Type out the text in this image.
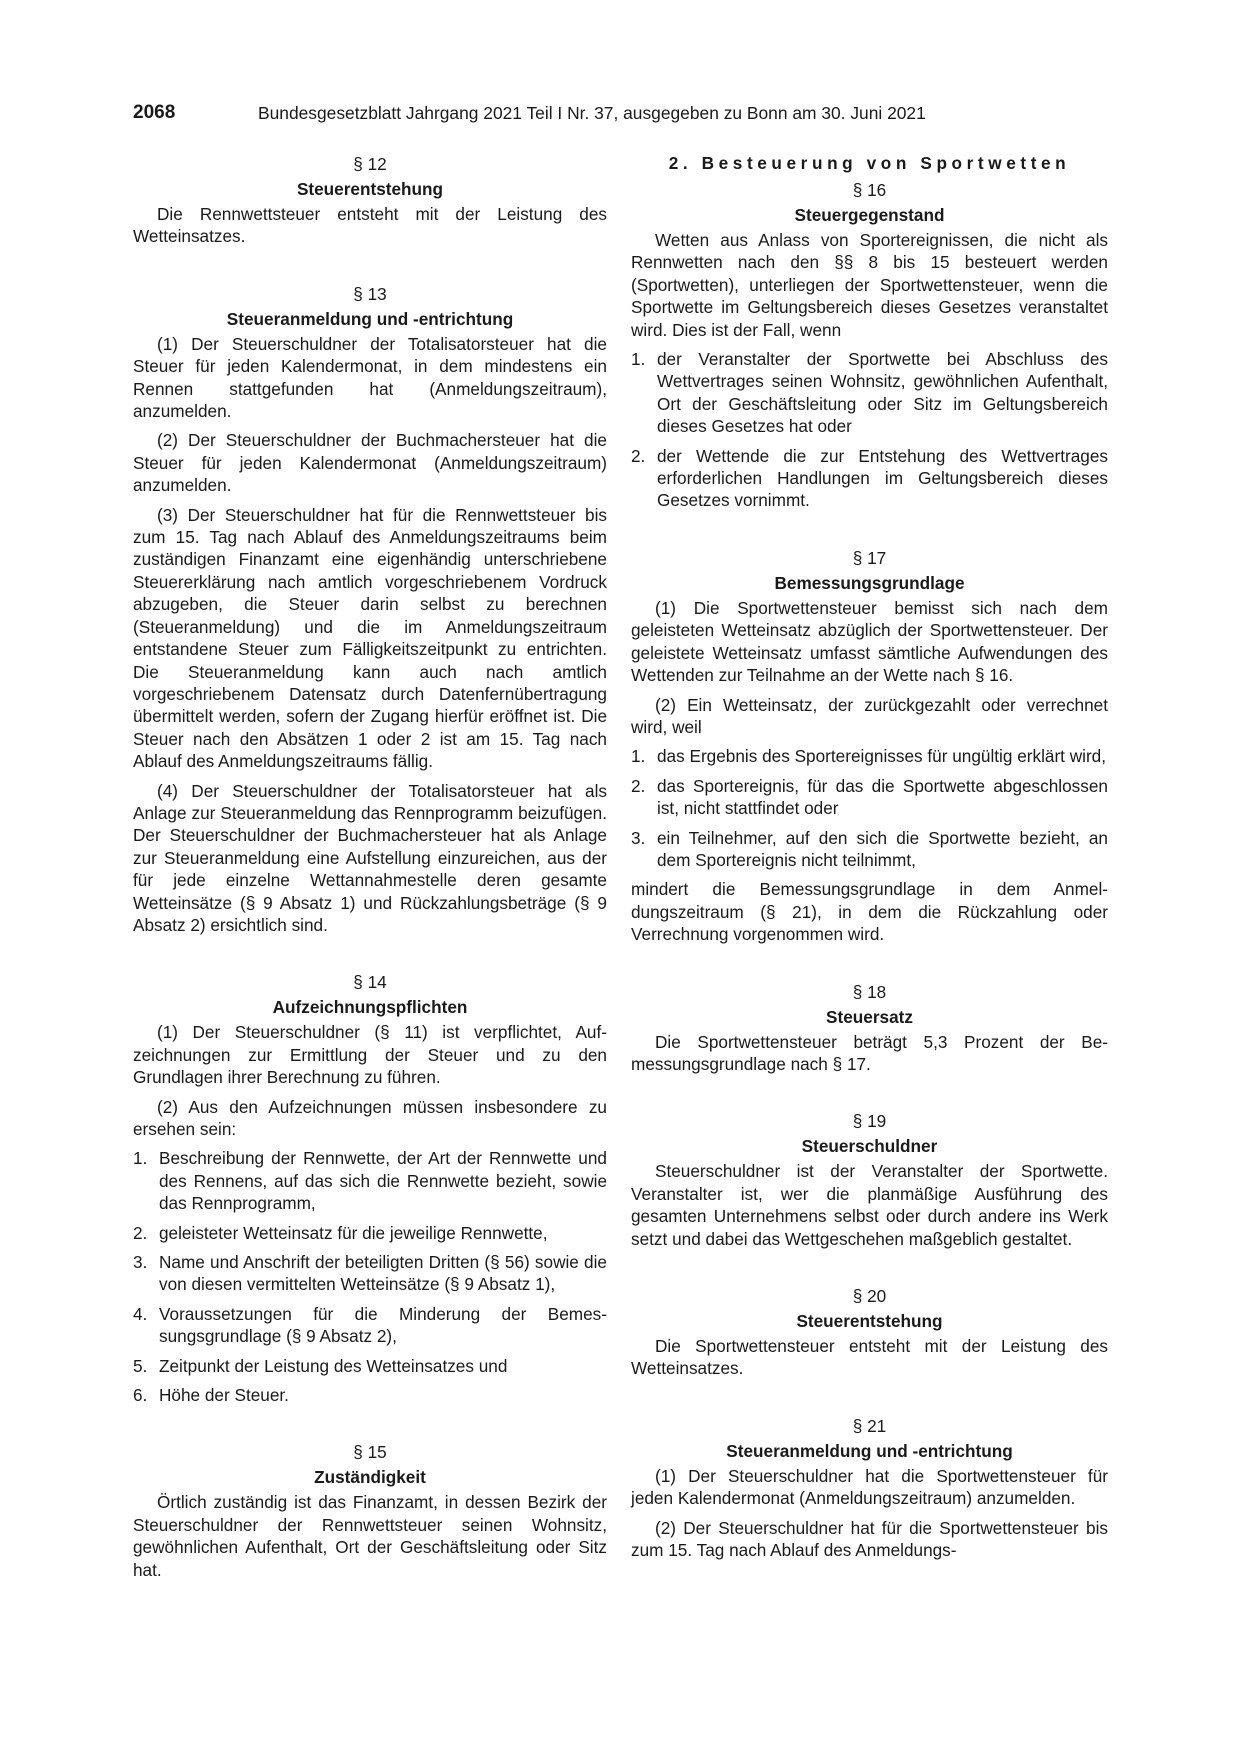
2068	Bundesgesetzblatt Jahrgang 2021 Teil I Nr. 37, ausgegeben zu Bonn am 30. Juni 2021

§ 12

Steuerentstehung

Die Rennwettsteuer entsteht mit der Leistung des Wetteinsatzes.

§ 13

Steueranmeldung und -entrichtung

(1) Der Steuerschuldner der Totalisatorsteuer hat die Steuer für jeden Kalendermonat, in dem mindestens ein Rennen stattgefunden hat (Anmeldungszeitraum), anzumelden.

(2) Der Steuerschuldner der Buchmachersteuer hat die Steuer für jeden Kalendermonat (Anmeldungszeitraum) anzumelden.

(3) Der Steuerschuldner hat für die Rennwettsteuer bis zum 15. Tag nach Ablauf des Anmeldungszeitraums beim zuständigen Finanzamt eine eigenhändig unterschriebene Steuererklärung nach amtlich vorgeschriebenem Vordruck abzugeben, die Steuer darin selbst zu berechnen (Steueranmeldung) und die im Anmeldungszeitraum entstandene Steuer zum Fälligkeitszeitpunkt zu entrichten. Die Steueranmeldung kann auch nach amtlich vorgeschriebenem Datensatz durch Datenfernübertragung übermittelt werden, sofern der Zugang hierfür eröffnet ist. Die Steuer nach den Absätzen 1 oder 2 ist am 15. Tag nach Ablauf des Anmeldungszeitraums fällig.

(4) Der Steuerschuldner der Totalisatorsteuer hat als Anlage zur Steueranmeldung das Rennprogramm beizufügen. Der Steuerschuldner der Buchmachersteuer hat als Anlage zur Steueranmeldung eine Aufstellung einzureichen, aus der für jede einzelne Wettannahmestelle deren gesamte Wetteinsätze (§ 9 Absatz 1) und Rückzahlungsbeträge (§ 9 Absatz 2) ersichtlich sind.

§ 14

Aufzeichnungspflichten

(1) Der Steuerschuldner (§ 11) ist verpflichtet, Aufzeichnungen zur Ermittlung der Steuer und zu den Grundlagen ihrer Berechnung zu führen.

(2) Aus den Aufzeichnungen müssen insbesondere zu ersehen sein:

1. Beschreibung der Rennwette, der Art der Rennwette und des Rennens, auf das sich die Rennwette bezieht, sowie das Rennprogramm,
2. geleisteter Wetteinsatz für die jeweilige Rennwette,
3. Name und Anschrift der beteiligten Dritten (§ 56) sowie die von diesen vermittelten Wetteinsätze (§ 9 Absatz 1),
4. Voraussetzungen für die Minderung der Bemessungsgrundlage (§ 9 Absatz 2),
5. Zeitpunkt der Leistung des Wetteinsatzes und
6. Höhe der Steuer.

§ 15

Zuständigkeit

Örtlich zuständig ist das Finanzamt, in dessen Bezirk der Steuerschuldner der Rennwettsteuer seinen Wohnsitz, gewöhnlichen Aufenthalt, Ort der Geschäftsleitung oder Sitz hat.

2. Besteuerung von Sportwetten

§ 16

Steuergegenstand

Wetten aus Anlass von Sportereignissen, die nicht als Rennwetten nach den §§ 8 bis 15 besteuert werden (Sportwetten), unterliegen der Sportwettensteuer, wenn die Sportwette im Geltungsbereich dieses Gesetzes veranstaltet wird. Dies ist der Fall, wenn

1. der Veranstalter der Sportwette bei Abschluss des Wettvertrages seinen Wohnsitz, gewöhnlichen Aufenthalt, Ort der Geschäftsleitung oder Sitz im Geltungsbereich dieses Gesetzes hat oder
2. der Wettende die zur Entstehung des Wettvertrages erforderlichen Handlungen im Geltungsbereich dieses Gesetzes vornimmt.

§ 17

Bemessungsgrundlage

(1) Die Sportwettensteuer bemisst sich nach dem geleisteten Wetteinsatz abzüglich der Sportwettensteuer. Der geleistete Wetteinsatz umfasst sämtliche Aufwendungen des Wettenden zur Teilnahme an der Wette nach § 16.

(2) Ein Wetteinsatz, der zurückgezahlt oder verrechnet wird, weil

1. das Ergebnis des Sportereignisses für ungültig erklärt wird,
2. das Sportereignis, für das die Sportwette abgeschlossen ist, nicht stattfindet oder
3. ein Teilnehmer, auf den sich die Sportwette bezieht, an dem Sportereignis nicht teilnimmt,

mindert die Bemessungsgrundlage in dem Anmeldungszeitraum (§ 21), in dem die Rückzahlung oder Verrechnung vorgenommen wird.

§ 18

Steuersatz

Die Sportwettensteuer beträgt 5,3 Prozent der Bemessungsgrundlage nach § 17.

§ 19

Steuerschuldner

Steuerschuldner ist der Veranstalter der Sportwette. Veranstalter ist, wer die planmäßige Ausführung des gesamten Unternehmens selbst oder durch andere ins Werk setzt und dabei das Wettgeschehen maßgeblich gestaltet.

§ 20

Steuerentstehung

Die Sportwettensteuer entsteht mit der Leistung des Wetteinsatzes.

§ 21

Steueranmeldung und -entrichtung

(1) Der Steuerschuldner hat die Sportwettensteuer für jeden Kalendermonat (Anmeldungszeitraum) anzumelden.

(2) Der Steuerschuldner hat für die Sportwettensteuer bis zum 15. Tag nach Ablauf des Anmeldungs-
